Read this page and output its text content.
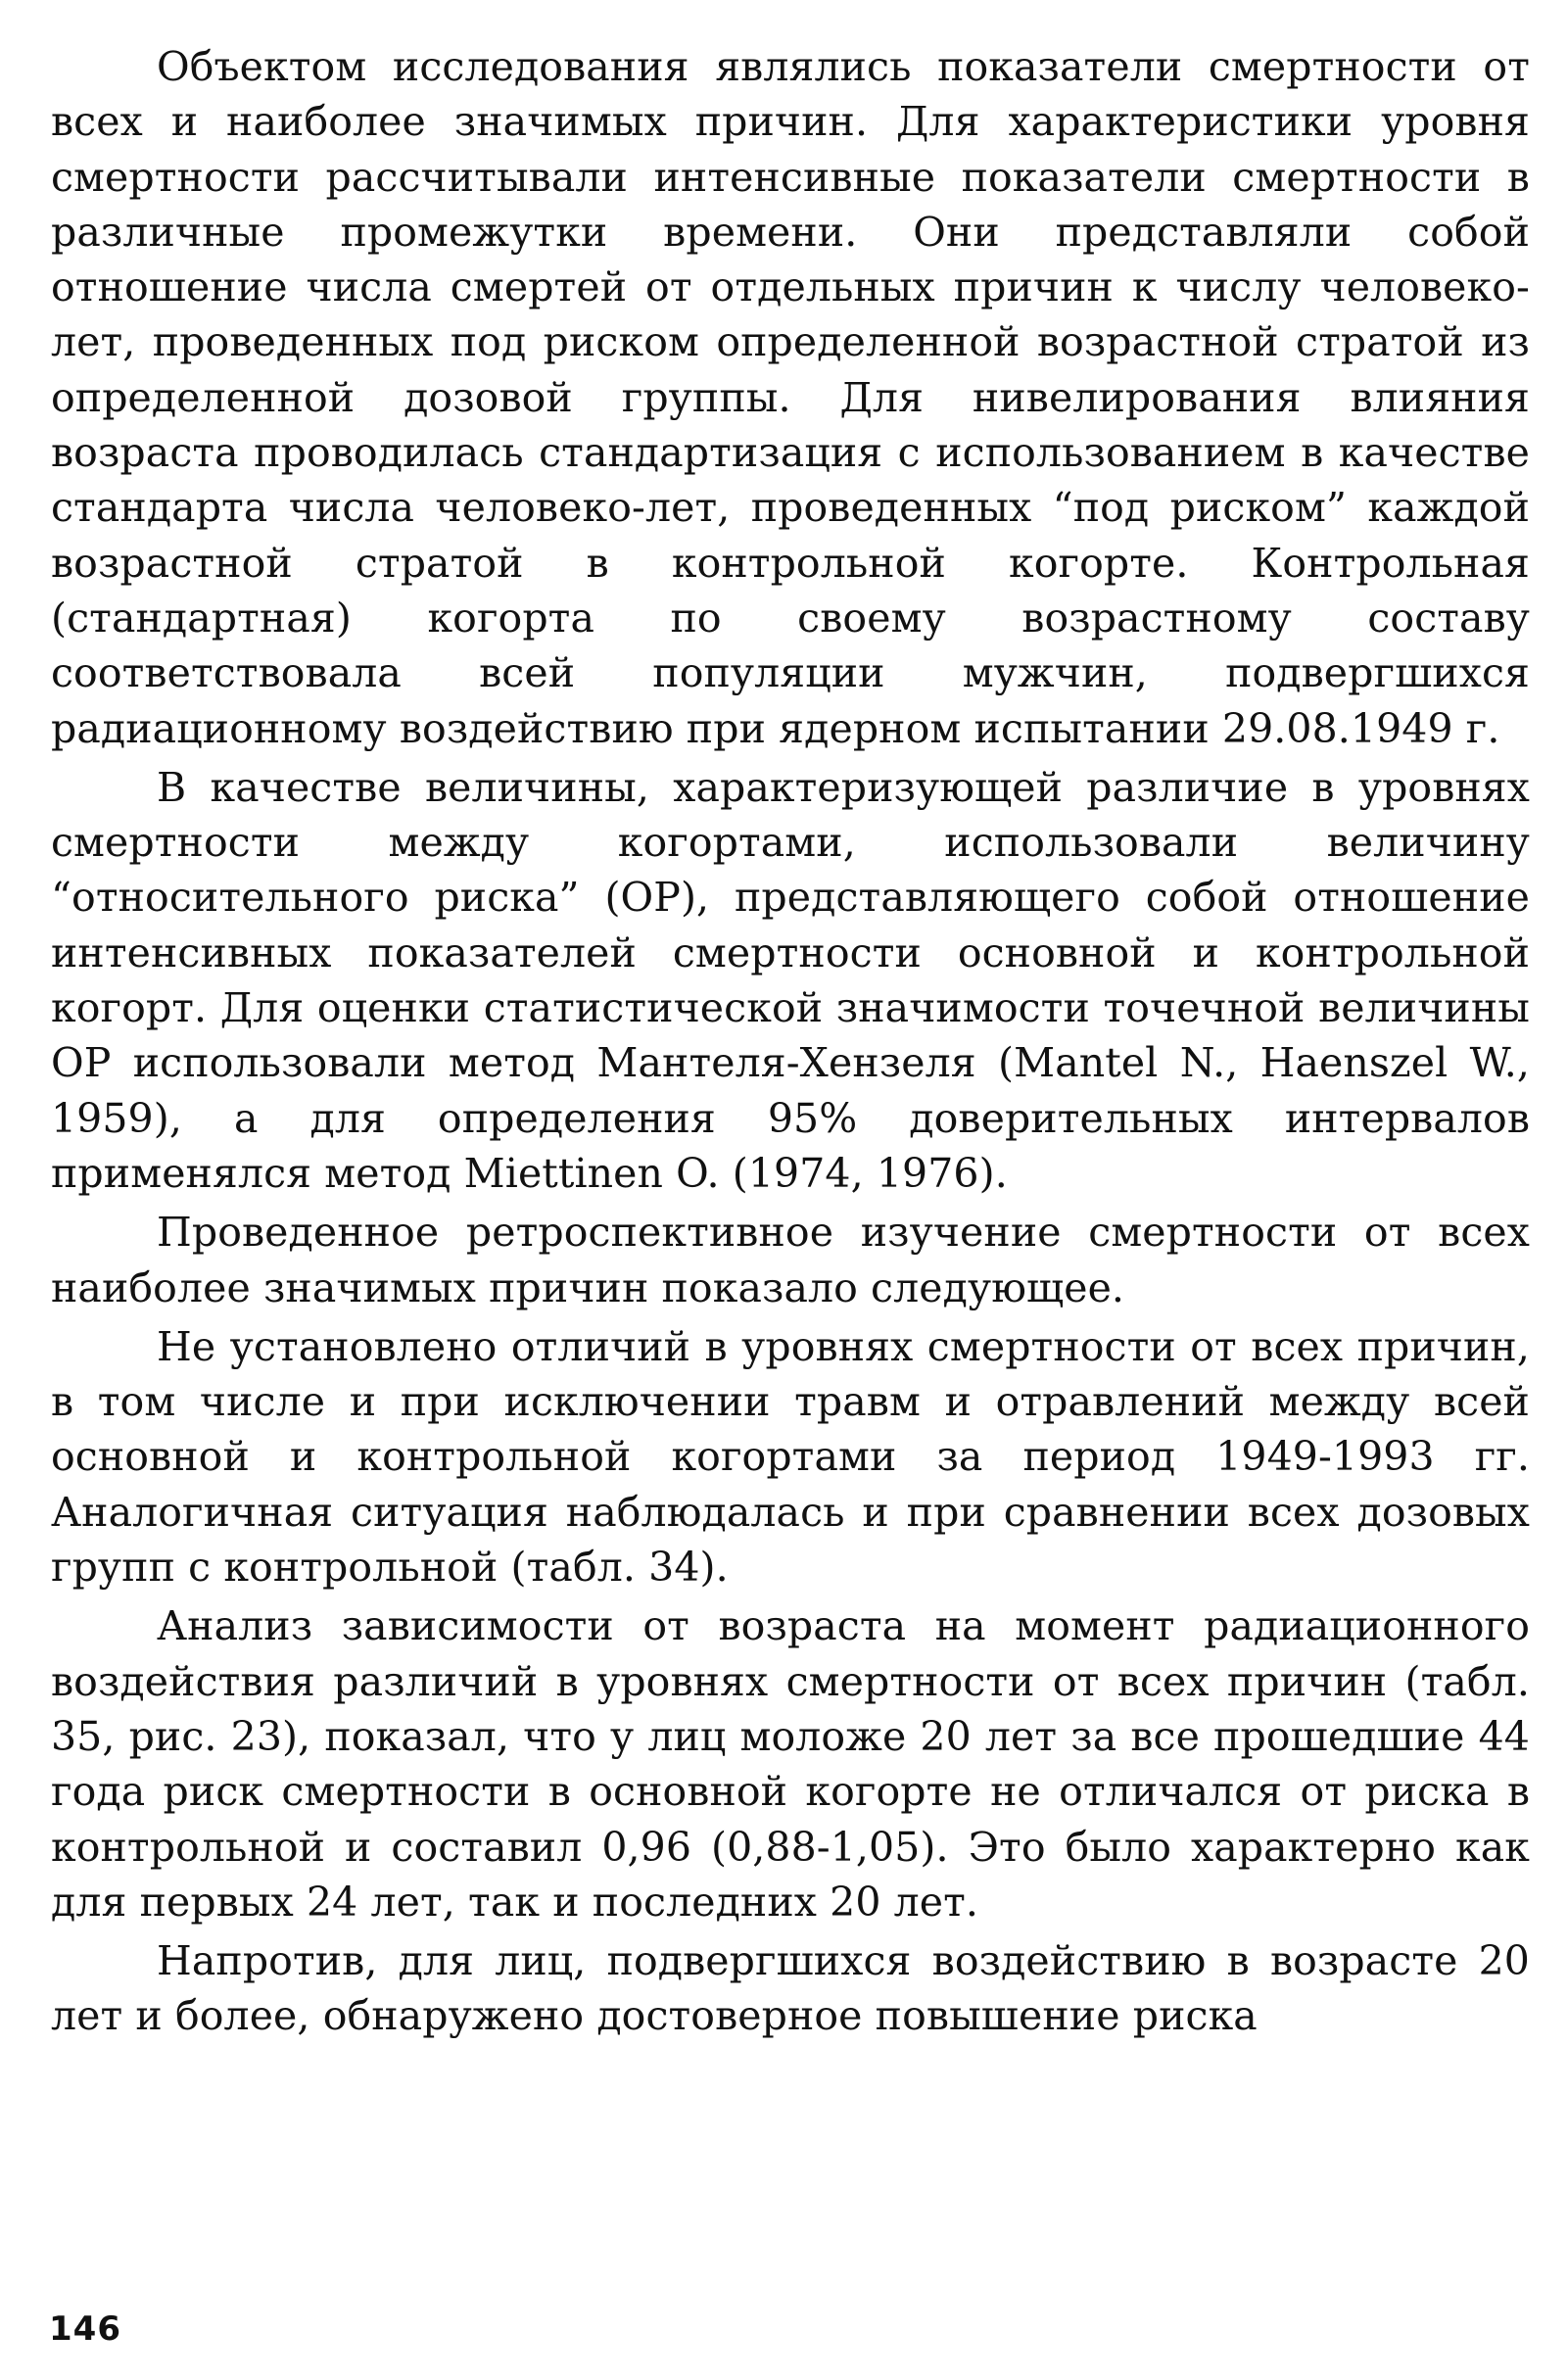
Объектом исследования являлись показатели смертности от всех и наиболее значимых причин. Для характеристики уровня смертности рассчитывали интенсивные показатели смертности в различные промежутки времени. Они представляли собой отношение числа смертей от отдельных причин к числу человеко-лет, проведенных под риском определенной возрастной стратой из определенной дозовой группы. Для нивелирования влияния возраста проводилась стандартизация с использованием в качестве стандарта числа человеко-лет, проведенных “под риском” каждой возрастной стратой в контрольной когорте. Контрольная (стандартная) когорта по своему возрастному составу соответствовала всей популяции мужчин, подвергшихся радиационному воздействию при ядерном испытании 29.08.1949 г.

В качестве величины, характеризующей различие в уровнях смертности между когортами, использовали величину “относительного риска” (ОР), представляющего собой отношение интенсивных показателей смертности основной и контрольной когорт. Для оценки статистической значимости точечной величины ОР использовали метод Мантеля-Хензеля (Mantel N., Haenszel W., 1959), а для определения 95% доверительных интервалов применялся метод Miettinen O. (1974, 1976).

Проведенное ретроспективное изучение смертности от всех наиболее значимых причин показало следующее.

Не установлено отличий в уровнях смертности от всех причин, в том числе и при исключении травм и отравлений между всей основной и контрольной когортами за период 1949-1993 гг. Аналогичная ситуация наблюдалась и при сравнении всех дозовых групп с контрольной (табл. 34).

Анализ зависимости от возраста на момент радиационного воздействия различий в уровнях смертности от всех причин (табл. 35, рис. 23), показал, что у лиц моложе 20 лет за все прошедшие 44 года риск смертности в основной когорте не отличался от риска в контрольной и составил 0,96 (0,88-1,05). Это было характерно как для первых 24 лет, так и последних 20 лет.

Напротив, для лиц, подвергшихся воздействию в возрасте 20 лет и более, обнаружено достоверное повышение риска

146
